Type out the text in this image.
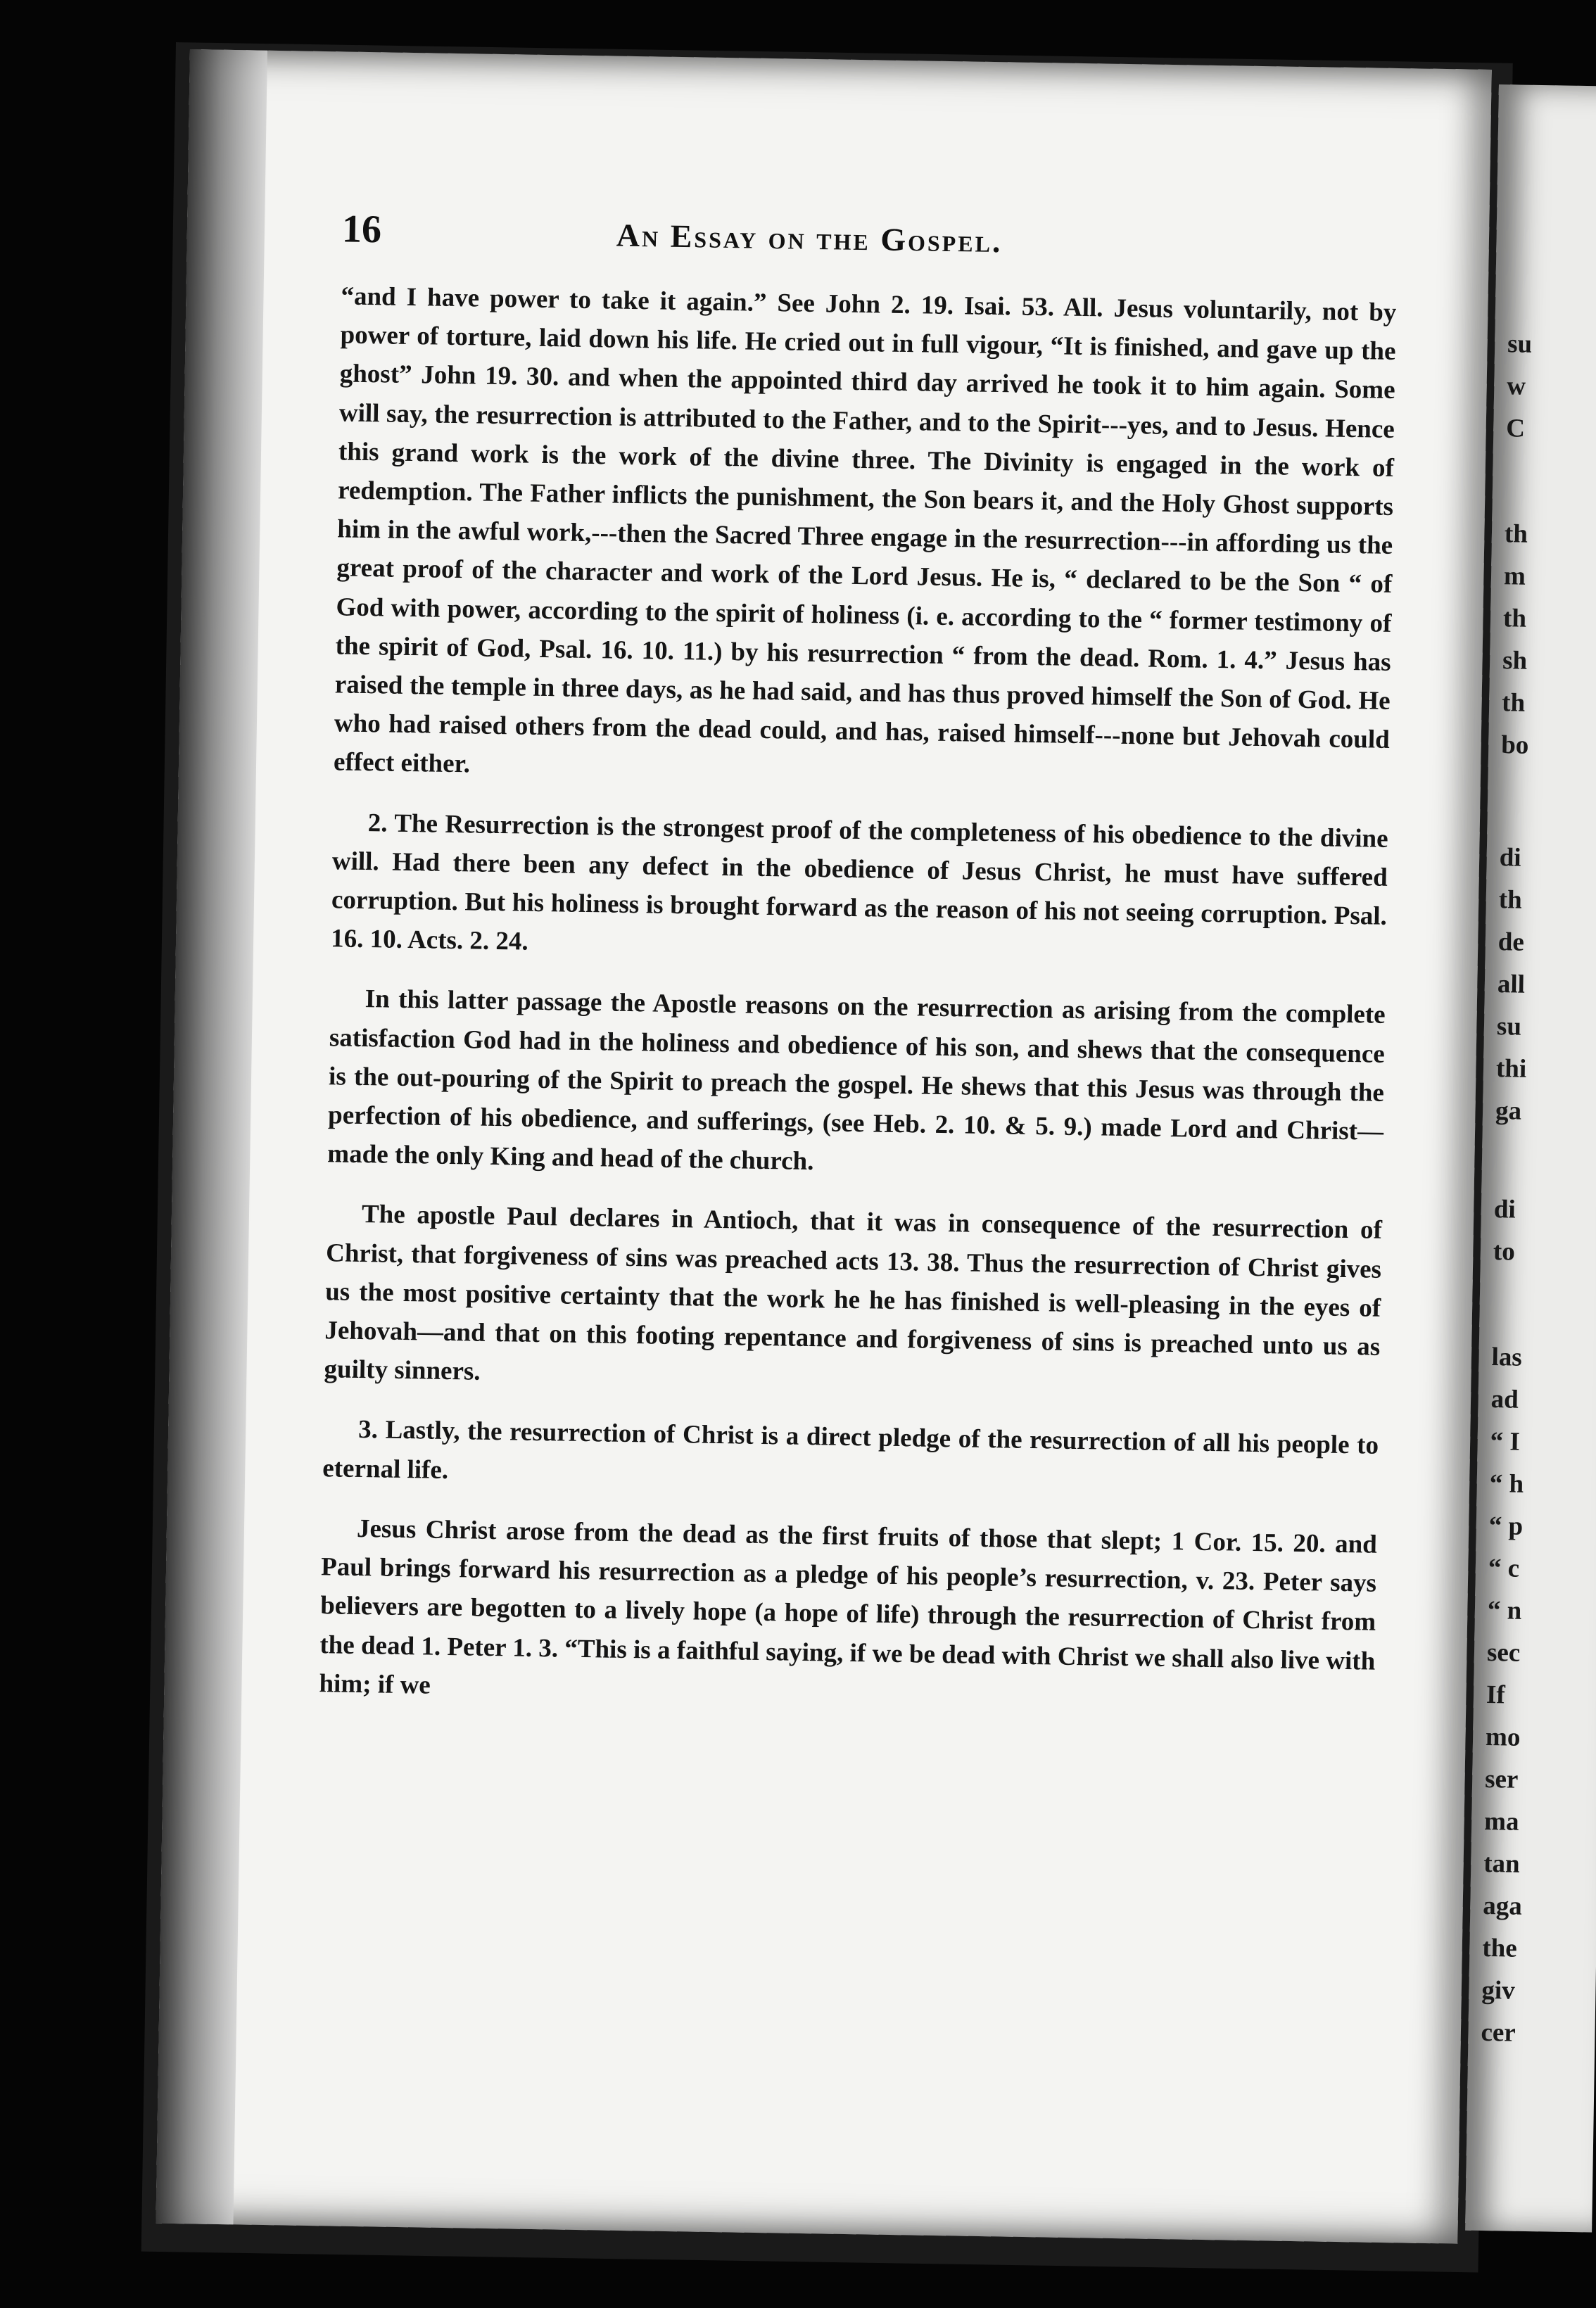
16	An Essay on the Gospel.

“and I have power to take it again.” See John 2. 19. Isai. 53. All. Jesus voluntarily, not by power of torture, laid down his life. He cried out in full vigour, “It is finished, and gave up the ghost” John 19. 30. and when the appointed third day arrived he took it to him again. Some will say, the resurrection is attributed to the Father, and to the Spirit---yes, and to Jesus. Hence this grand work is the work of the divine three. The Divinity is engaged in the work of redemption. The Father inflicts the punishment, the Son bears it, and the Holy Ghost supports him in the awful work,---then the Sacred Three engage in the resurrection---in affording us the great proof of the character and work of the Lord Jesus. He is, “ declared to be the Son “ of God with power, according to the spirit of holiness (i. e. according to the “ former testimony of the spirit of God, Psal. 16. 10. 11.) by his resurrection “ from the dead. Rom. 1. 4.” Jesus has raised the temple in three days, as he had said, and has thus proved himself the Son of God. He who had raised others from the dead could, and has, raised himself---none but Jehovah could effect either.

2. The Resurrection is the strongest proof of the completeness of his obedience to the divine will. Had there been any defect in the obedience of Jesus Christ, he must have suffered corruption. But his holiness is brought forward as the reason of his not seeing corruption. Psal. 16. 10. Acts. 2. 24.

In this latter passage the Apostle reasons on the resurrection as arising from the complete satisfaction God had in the holiness and obedience of his son, and shews that the consequence is the out-pouring of the Spirit to preach the gospel. He shews that this Jesus was through the perfection of his obedience, and sufferings, (see Heb. 2. 10. & 5. 9.) made Lord and Christ—made the only King and head of the church.

The apostle Paul declares in Antioch, that it was in consequence of the resurrection of Christ, that forgiveness of sins was preached acts 13. 38. Thus the resurrection of Christ gives us the most positive certainty that the work he he has finished is well-pleasing in the eyes of Jehovah—and that on this footing repentance and forgiveness of sins is preached unto us as guilty sinners.

3. Lastly, the resurrection of Christ is a direct pledge of the resurrection of all his people to eternal life.

Jesus Christ arose from the dead as the first fruits of those that slept; 1 Cor. 15. 20. and Paul brings forward his resurrection as a pledge of his people’s resurrection, v. 23. Peter says believers are begotten to a lively hope (a hope of life) through the resurrection of Christ from the dead 1. Peter 1. 3. “This is a faithful saying, if we be dead with Christ we shall also live with him; if we

su
w
C
th
m
th
sh
th
bo
di
th
de
all
su
thi
ga
di
to
las
ad
“ I
“ h
“ p
“ c
“ n
sec
If
mo
ser
ma
tan
aga
the
giv
cer
